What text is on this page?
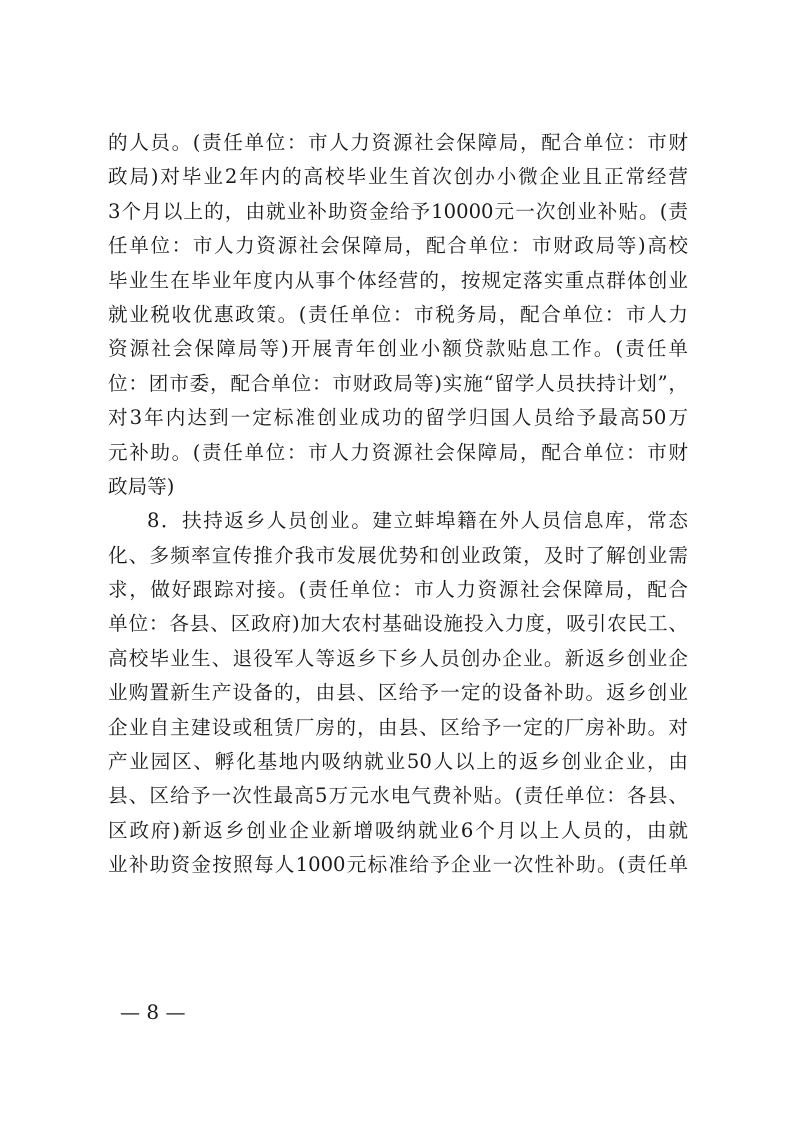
的人员。(责任单位：市人力资源社会保障局，配合单位：市财
政局)对毕业2年内的高校毕业生首次创办小微企业且正常经营
3个月以上的，由就业补助资金给予10000元一次创业补贴。(责
任单位：市人力资源社会保障局，配合单位：市财政局等)高校
毕业生在毕业年度内从事个体经营的，按规定落实重点群体创业
就业税收优惠政策。(责任单位：市税务局，配合单位：市人力
资源社会保障局等)开展青年创业小额贷款贴息工作。(责任单
位：团市委，配合单位：市财政局等)实施“留学人员扶持计划”，
对3年内达到一定标准创业成功的留学归国人员给予最高50万
元补助。(责任单位：市人力资源社会保障局，配合单位：市财
政局等)
8．扶持返乡人员创业。建立蚌埠籍在外人员信息库，常态
化、多频率宣传推介我市发展优势和创业政策，及时了解创业需
求，做好跟踪对接。(责任单位：市人力资源社会保障局，配合
单位：各县、区政府)加大农村基础设施投入力度，吸引农民工、
高校毕业生、退役军人等返乡下乡人员创办企业。新返乡创业企
业购置新生产设备的，由县、区给予一定的设备补助。返乡创业
企业自主建设或租赁厂房的，由县、区给予一定的厂房补助。对
产业园区、孵化基地内吸纳就业50人以上的返乡创业企业，由
县、区给予一次性最高5万元水电气费补贴。(责任单位：各县、
区政府)新返乡创业企业新增吸纳就业6个月以上人员的，由就
业补助资金按照每人1000元标准给予企业一次性补助。(责任单
— 8 —
